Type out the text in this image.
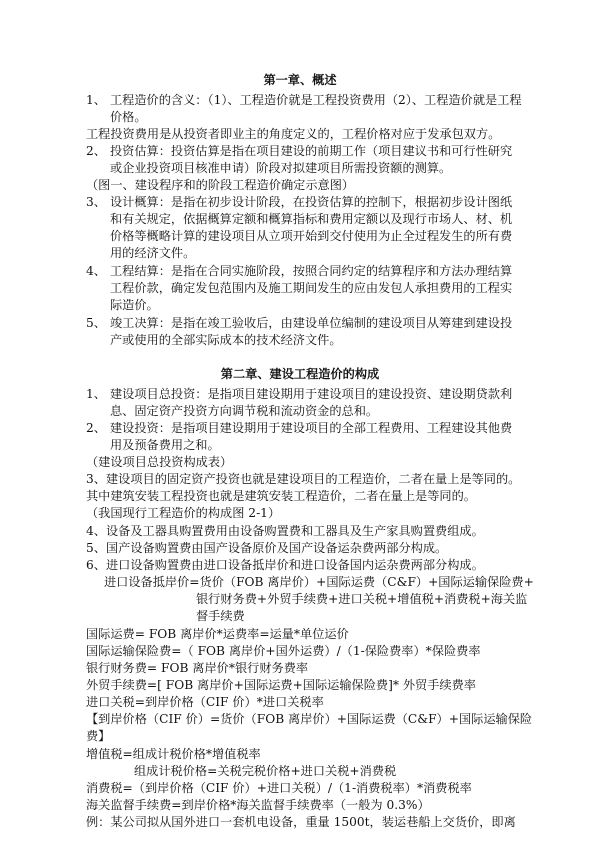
第一章、概述
1、 工程造价的含义：（1）、工程造价就是工程投资费用（2）、工程造价就是工程
价格。
工程投资费用是从投资者即业主的角度定义的，工程价格对应于发承包双方。
2、 投资估算：投资估算是指在项目建设的前期工作（项目建议书和可行性研究
或企业投资项目核准申请）阶段对拟建项目所需投资额的测算。
（图一、建设程序和的阶段工程造价确定示意图）
3、 设计概算：是指在初步设计阶段，在投资估算的控制下，根据初步设计图纸
和有关规定，依据概算定额和概算指标和费用定额以及现行市场人、材、机
价格等概略计算的建设项目从立项开始到交付使用为止全过程发生的所有费
用的经济文件。
4、 工程结算：是指在合同实施阶段，按照合同约定的结算程序和方法办理结算
工程价款，确定发包范围内及施工期间发生的应由发包人承担费用的工程实
际造价。
5、 竣工决算：是指在竣工验收后，由建设单位编制的建设项目从筹建到建设投
产或使用的全部实际成本的技术经济文件。
第二章、建设工程造价的构成
1、 建设项目总投资：是指项目建设期用于建设项目的建设投资、建设期贷款利
息、固定资产投资方向调节税和流动资金的总和。
2、 建设投资：是指项目建设期用于建设项目的全部工程费用、工程建设其他费
用及预备费用之和。
（建设项目总投资构成表）
3、建设项目的固定资产投资也就是建设项目的工程造价，二者在量上是等同的。
其中建筑安装工程投资也就是建筑安装工程造价，二者在量上是等同的。
（我国现行工程造价的构成图 2-1）
4、设备及工器具购置费用由设备购置费和工器具及生产家具购置费组成。
5、国产设备购置费由国产设备原价及国产设备运杂费两部分构成。
6、进口设备购置费由进口设备抵岸价和进口设备国内运杂费两部分构成。
进口设备抵岸价=货价（FOB 离岸价）+国际运费（C&F）+国际运输保险费+
银行财务费+外贸手续费+进口关税+增值税+消费税+海关监
督手续费
国际运费= FOB 离岸价*运费率=运量*单位运价
国际运输保险费=（ FOB 离岸价+国外运费）/（1-保险费率）*保险费率
银行财务费= FOB 离岸价*银行财务费率
外贸手续费=[ FOB 离岸价+国际运费+国际运输保险费]* 外贸手续费率
进口关税=到岸价格（CIF 价）*进口关税率
【到岸价格（CIF 价）=货价（FOB 离岸价）+国际运费（C&F）+国际运输保险
费】
增值税=组成计税价格*增值税率
组成计税价格=关税完税价格+进口关税+消费税
消费税=（到岸价格（CIF 价）+进口关税）/（1-消费税率）*消费税率
海关监督手续费=到岸价格*海关监督手续费率（一般为 0.3%）
例：某公司拟从国外进口一套机电设备，重量 1500t，装运巷船上交货价，即离
